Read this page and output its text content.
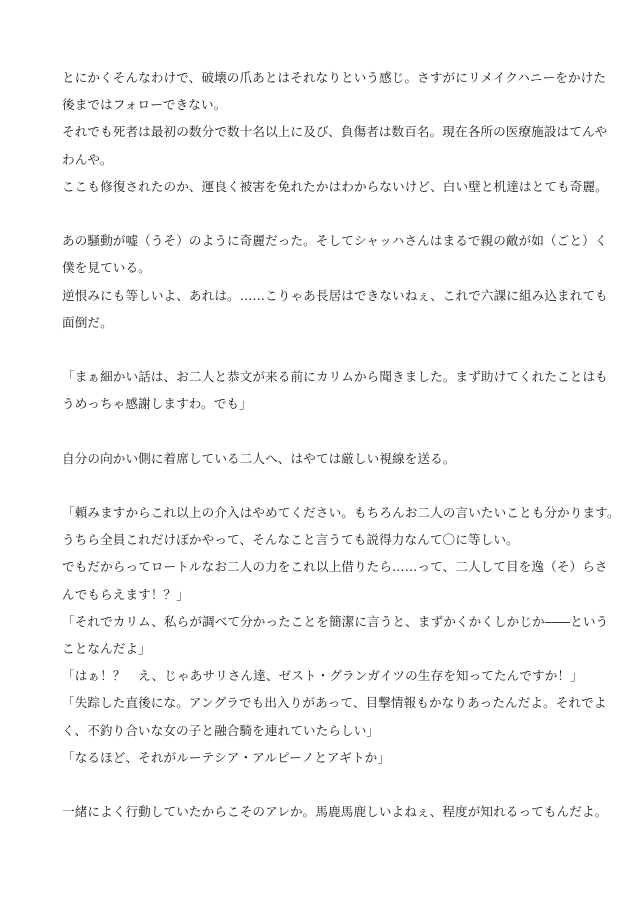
とにかくそんなわけで、破壊の爪あとはそれなりという感じ。さすがにリメイクハニーをかけた
後まではフォローできない。
それでも死者は最初の数分で数十名以上に及び、負傷者は数百名。現在各所の医療施設はてんや
わんや。
ここも修復されたのか、運良く被害を免れたかはわからないけど、白い壁と机達はとても奇麗。
あの騒動が嘘（うそ）のように奇麗だった。そしてシャッハさんはまるで親の敵が如（ごと）く
僕を見ている。
逆恨みにも等しいよ、あれは。……こりゃあ長居はできないねぇ、これで六課に組み込まれても
面倒だ。
「まぁ細かい話は、お二人と恭文が来る前にカリムから聞きました。まず助けてくれたことはも
うめっちゃ感謝しますわ。でも」
自分の向かい側に着席している二人へ、はやては厳しい視線を送る。
「頼みますからこれ以上の介入はやめてください。もちろんお二人の言いたいことも分かります。
うちら全員これだけぼかやって、そんなこと言うても説得力なんて〇に等しい。
でもだからってロートルなお二人の力をこれ以上借りたら……って、二人して目を逸（そ）らさ
んでもらえます！？」
「それでカリム、私らが調べて分かったことを簡潔に言うと、まずかくかくしかじか――という
ことなんだよ」
「はぁ！？　え、じゃあサリさん達、ゼスト・グランガイツの生存を知ってたんですか！」
「失踪した直後にな。アングラでも出入りがあって、目撃情報もかなりあったんだよ。それでよ
く、不釣り合いな女の子と融合騎を連れていたらしい」
「なるほど、それがルーテシア・アルピーノとアギトか」
一緒によく行動していたからこそのアレか。馬鹿馬鹿しいよねぇ、程度が知れるってもんだよ。
